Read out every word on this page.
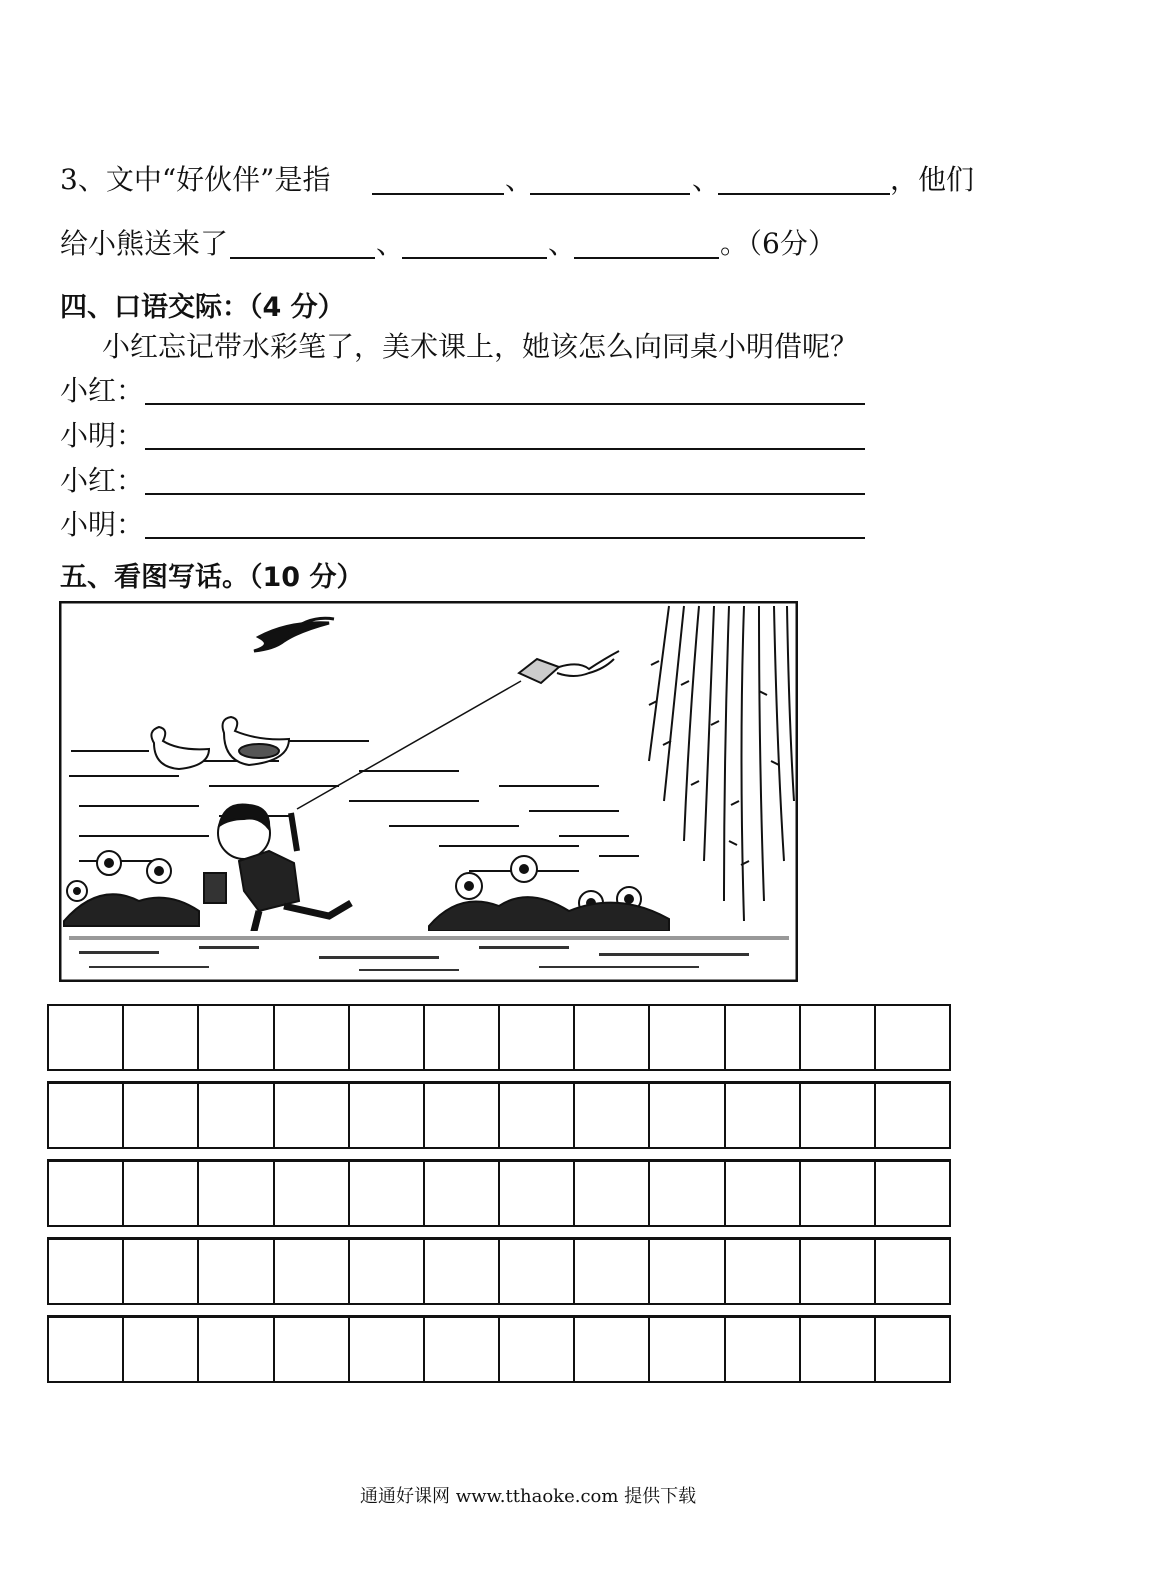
3、文中“好伙伴”是指	、	、	，他们
给小熊送来了	、	、	。（6分）
四、口语交际：（4 分）
小红忘记带水彩笔了，美术课上，她该怎么向同桌小明借呢？
小红：
小明：
小红：
小明：
五、看图写话。（10 分）
通通好课网 www.tthaoke.com 提供下载
